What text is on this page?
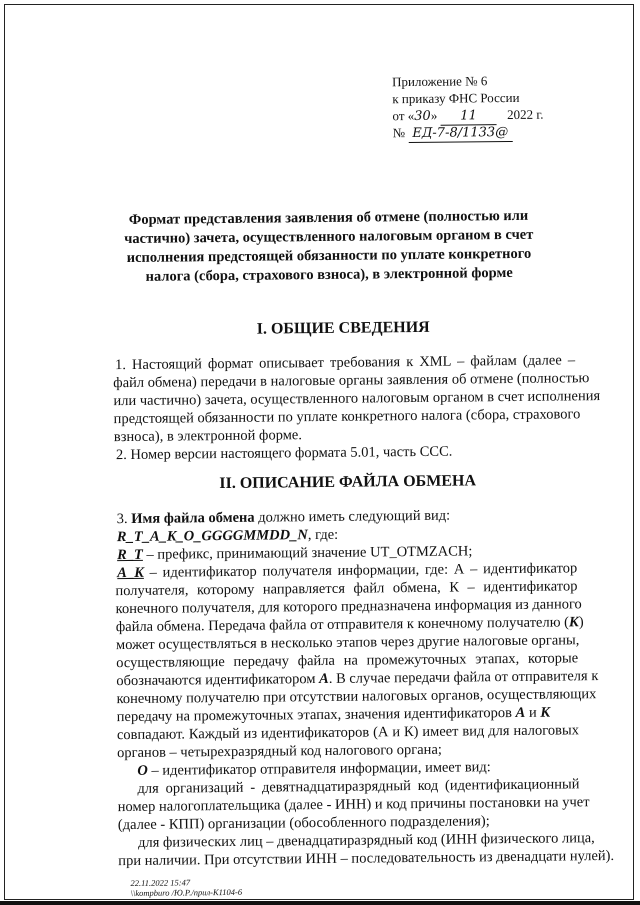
Приложение № 6
к приказу ФНС России
от «30» 11 2022 г.
№ ЕД-7-8/1133@
Формат представления заявления об отмене (полностью или
частично) зачета, осуществленного налоговым органом в счет
исполнения предстоящей обязанности по уплате конкретного
налога (сбора, страхового взноса), в электронной форме
I. ОБЩИЕ СВЕДЕНИЯ
1. Настоящий формат описывает требования к XML – файлам (далее –
файл обмена) передачи в налоговые органы заявления об отмене (полностью
или частично) зачета, осуществленного налоговым органом в счет исполнения
предстоящей обязанности по уплате конкретного налога (сбора, страхового
взноса), в электронной форме.
2. Номер версии настоящего формата 5.01, часть CCC.
II. ОПИСАНИЕ ФАЙЛА ОБМЕНА
3. Имя файла обмена должно иметь следующий вид:
R_T_A_K_O_GGGGMMDD_N, где:
R_T – префикс, принимающий значение UT_OTMZACH;
A_K – идентификатор получателя информации, где: А – идентификатор
получателя, которому направляется файл обмена, К – идентификатор
конечного получателя, для которого предназначена информация из данного
файла обмена. Передача файла от отправителя к конечному получателю (К)
может осуществляться в несколько этапов через другие налоговые органы,
осуществляющие передачу файла на промежуточных этапах, которые
обозначаются идентификатором А. В случае передачи файла от отправителя к
конечному получателю при отсутствии налоговых органов, осуществляющих
передачу на промежуточных этапах, значения идентификаторов А и К
совпадают. Каждый из идентификаторов (А и К) имеет вид для налоговых
органов – четырехразрядный код налогового органа;
О – идентификатор отправителя информации, имеет вид:
для организаций - девятнадцатиразрядный код (идентификационный
номер налогоплательщика (далее - ИНН) и код причины постановки на учет
(далее - КПП) организации (обособленного подразделения);
для физических лиц – двенадцатиразрядный код (ИНН физического лица,
при наличии. При отсутствии ИНН – последовательность из двенадцати нулей).
22.11.2022 15:47
\\kompburo /Ю.Р./npuл-К1104-6
